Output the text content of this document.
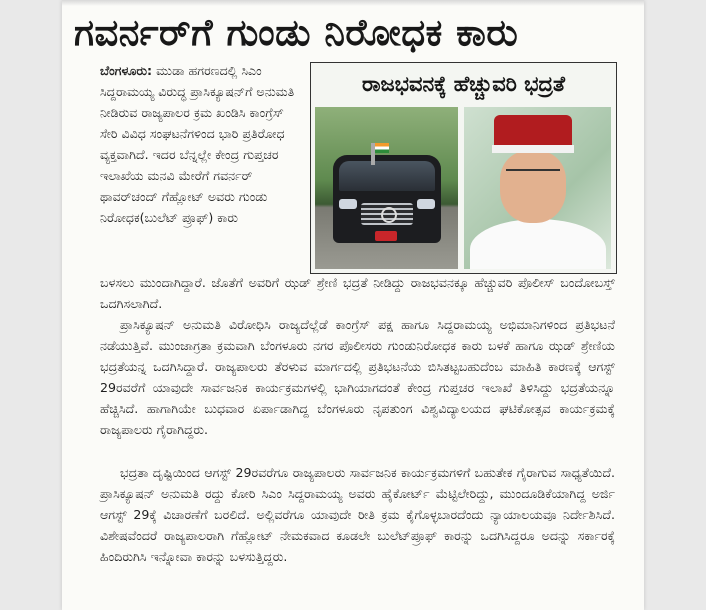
ಗವರ್ನರ್‌ಗೆ ಗುಂಡು ನಿರೋಧಕ ಕಾರು

ಬೆಂಗಳೂರು: ಮುಡಾ ಹಗರಣದಲ್ಲಿ ಸಿಎಂ ಸಿದ್ದರಾಮಯ್ಯ ವಿರುದ್ಧ ಪ್ರಾಸಿಕ್ಯೂಷನ್‌ಗೆ ಅನುಮತಿ ನೀಡಿರುವ ರಾಜ್ಯಪಾಲರ ಕ್ರಮ ಖಂಡಿಸಿ ಕಾಂಗ್ರೆಸ್ ಸೇರಿ ವಿವಿಧ ಸಂಘಟನೆಗಳಿಂದ ಭಾರಿ ಪ್ರತಿರೋಧ ವ್ಯಕ್ತವಾಗಿದೆ. ಇದರ ಬೆನ್ನಲ್ಲೇ ಕೇಂದ್ರ ಗುಪ್ತಚರ ಇಲಾಖೆಯ ಮನವಿ ಮೇರೆಗೆ ಗವರ್ನರ್ ಥಾವರ್‌ಚಂದ್ ಗೆಹ್ಲೋಟ್ ಅವರು ಗುಂಡು ನಿರೋಧಕ(ಬುಲೆಟ್ ಪ್ರೂಫ್) ಕಾರು

ರಾಜಭವನಕ್ಕೆ ಹೆಚ್ಚುವರಿ ಭದ್ರತೆ
ಬಳಸಲು ಮುಂದಾಗಿದ್ದಾರೆ. ಜೊತೆಗೆ ಅವರಿಗೆ ಝಡ್ ಶ್ರೇಣಿ ಭದ್ರತೆ ನೀಡಿದ್ದು ರಾಜಭವನಕ್ಕೂ ಹೆಚ್ಚುವರಿ ಪೊಲೀಸ್ ಬಂದೋಬಸ್ತ್ ಒದಗಿಸಲಾಗಿದೆ.
ಪ್ರಾಸಿಕ್ಯೂಷನ್ ಅನುಮತಿ ವಿರೋಧಿಸಿ ರಾಜ್ಯದೆಲ್ಲೆಡೆ ಕಾಂಗ್ರೆಸ್ ಪಕ್ಷ ಹಾಗೂ ಸಿದ್ದರಾಮಯ್ಯ ಅಭಿಮಾನಿಗಳಿಂದ ಪ್ರತಿಭಟನೆ ನಡೆಯುತ್ತಿವೆ. ಮುಂಜಾಗ್ರತಾ ಕ್ರಮವಾಗಿ ಬೆಂಗಳೂರು ನಗರ ಪೊಲೀಸರು ಗುಂಡುನಿರೋಧಕ ಕಾರು ಬಳಕೆ ಹಾಗೂ ಝಡ್ ಶ್ರೇಣಿಯ ಭದ್ರತೆಯನ್ನ ಒದಗಿಸಿದ್ದಾರೆ. ರಾಜ್ಯಪಾಲರು ತೆರಳುವ ಮಾರ್ಗದಲ್ಲಿ ಪ್ರತಿಭಟನೆಯ ಬಿಸಿತಟ್ಟಬಹುದೆಂಬ ಮಾಹಿತಿ ಕಾರಣಕ್ಕೆ ಆಗಸ್ಟ್ 29ರವರೆಗೆ ಯಾವುದೇ ಸಾರ್ವಜನಿಕ ಕಾರ್ಯಕ್ರಮಗಳಲ್ಲಿ ಭಾಗಿಯಾಗದಂತೆ ಕೇಂದ್ರ ಗುಪ್ತಚರ ಇಲಾಖೆ ತಿಳಿಸಿದ್ದು ಭದ್ರತೆಯನ್ನೂ ಹೆಚ್ಚಿಸಿದೆ. ಹಾಗಾಗಿಯೇ ಬುಧವಾರ ಏರ್ಪಾಡಾಗಿದ್ದ ಬೆಂಗಳೂರು ನೃಪತುಂಗ ವಿಶ್ವವಿದ್ಯಾಲಯದ ಘಟಿಕೋತ್ಸವ ಕಾರ್ಯಕ್ರಮಕ್ಕೆ ರಾಜ್ಯಪಾಲರು ಗೈರಾಗಿದ್ದರು.
ಭದ್ರತಾ ದೃಷ್ಟಿಯಿಂದ ಆಗಸ್ಟ್ 29ರವರೆಗೂ ರಾಜ್ಯಪಾಲರು ಸಾರ್ವಜನಿಕ ಕಾರ್ಯಕ್ರಮಗಳಿಗೆ ಬಹುತೇಕ ಗೈರಾಗುವ ಸಾಧ್ಯತೆಯಿದೆ. ಪ್ರಾಸಿಕ್ಯೂಷನ್ ಅನುಮತಿ ರದ್ದು ಕೋರಿ ಸಿಎಂ ಸಿದ್ದರಾಮಯ್ಯ ಅವರು ಹೈಕೋರ್ಟ್ ಮೆಟ್ಟಿಲೇರಿದ್ದು, ಮುಂದೂಡಿಕೆಯಾಗಿದ್ದ ಅರ್ಜಿ ಆಗಸ್ಟ್ 29ಕ್ಕೆ ವಿಚಾರಣೆಗೆ ಬರಲಿದೆ. ಅಲ್ಲಿವರೆಗೂ ಯಾವುದೇ ರೀತಿ ಕ್ರಮ ಕೈಗೊಳ್ಳಬಾರದೆಂದು ನ್ಯಾಯಾಲಯವೂ ನಿರ್ದೇಶಿಸಿದೆ. ವಿಶೇಷವೆಂದರೆ ರಾಜ್ಯಪಾಲರಾಗಿ ಗೆಹ್ಲೋಟ್ ನೇಮಕವಾದ ಕೂಡಲೇ ಬುಲೆಟ್‌ಪ್ರೂಫ್ ಕಾರನ್ನು ಒದಗಿಸಿದ್ದರೂ ಅದನ್ನು ಸರ್ಕಾರಕ್ಕೆ ಹಿಂದಿರುಗಿಸಿ ಇನ್ನೋವಾ ಕಾರನ್ನು ಬಳಸುತ್ತಿದ್ದರು.
